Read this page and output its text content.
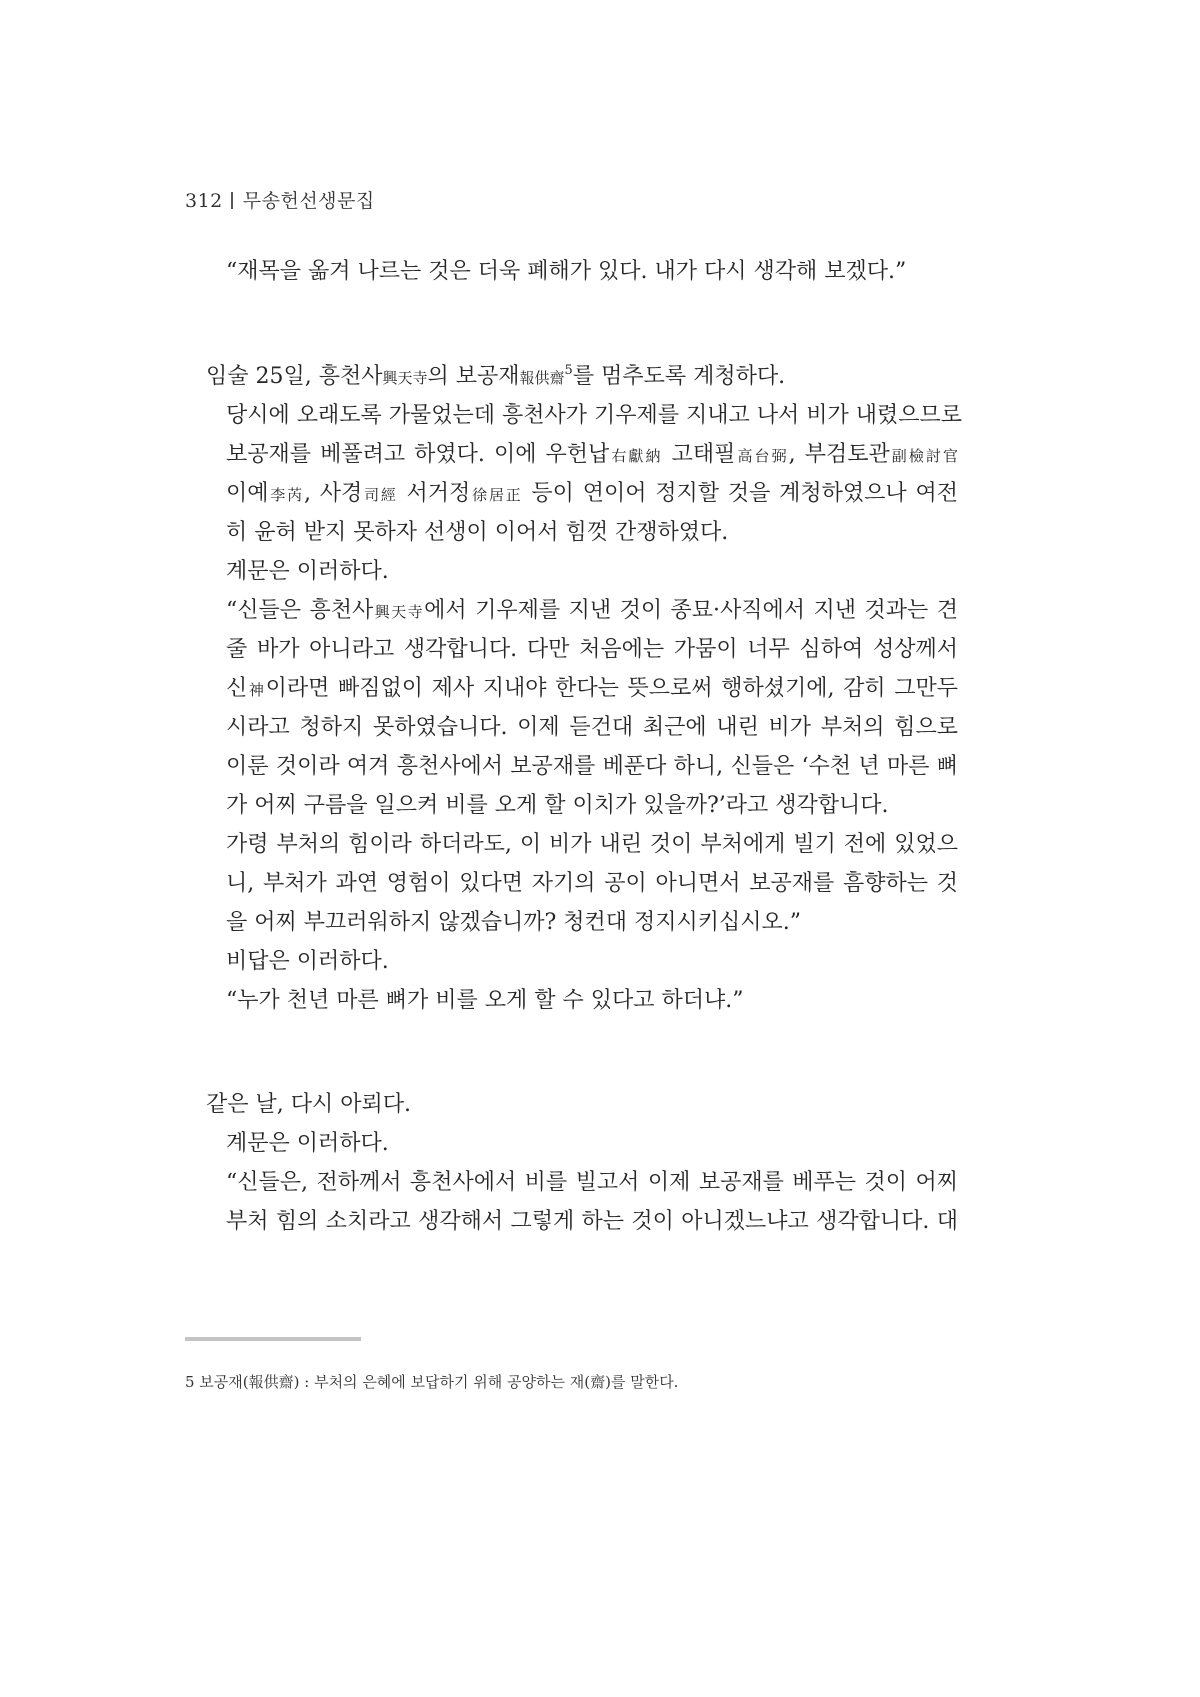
312 무송헌선생문집
“재목을 옮겨 나르는 것은 더욱 폐해가 있다. 내가 다시 생각해 보겠다.”
임술 25일, 흥천사興天寺의 보공재報供齋$^5$를 멈추도록 계청하다.
당시에 오래도록 가물었는데 흥천사가 기우제를 지내고 나서 비가 내렸으므로
보공재를 베풀려고 하였다. 이에 우헌납右獻納 고태필高台弼, 부검토관副檢討官
이예李芮, 사경司經 서거정徐居正 등이 연이어 정지할 것을 계청하였으나 여전
히 윤허 받지 못하자 선생이 이어서 힘껏 간쟁하였다.
계문은 이러하다.
“신들은 흥천사興天寺에서 기우제를 지낸 것이 종묘·사직에서 지낸 것과는 견
줄 바가 아니라고 생각합니다. 다만 처음에는 가뭄이 너무 심하여 성상께서
신神이라면 빠짐없이 제사 지내야 한다는 뜻으로써 행하셨기에, 감히 그만두
시라고 청하지 못하였습니다. 이제 듣건대 최근에 내린 비가 부처의 힘으로
이룬 것이라 여겨 흥천사에서 보공재를 베푼다 하니, 신들은 ‘수천 년 마른 뼈
가 어찌 구름을 일으켜 비를 오게 할 이치가 있을까?’라고 생각합니다.
가령 부처의 힘이라 하더라도, 이 비가 내린 것이 부처에게 빌기 전에 있었으
니, 부처가 과연 영험이 있다면 자기의 공이 아니면서 보공재를 흠향하는 것
을 어찌 부끄러워하지 않겠습니까? 청컨대 정지시키십시오.”
비답은 이러하다.
“누가 천년 마른 뼈가 비를 오게 할 수 있다고 하더냐.”
같은 날, 다시 아뢰다.
계문은 이러하다.
“신들은, 전하께서 흥천사에서 비를 빌고서 이제 보공재를 베푸는 것이 어찌
부처 힘의 소치라고 생각해서 그렇게 하는 것이 아니겠느냐고 생각합니다. 대
5 보공재(報供齋) : 부처의 은혜에 보답하기 위해 공양하는 재(齋)를 말한다.
